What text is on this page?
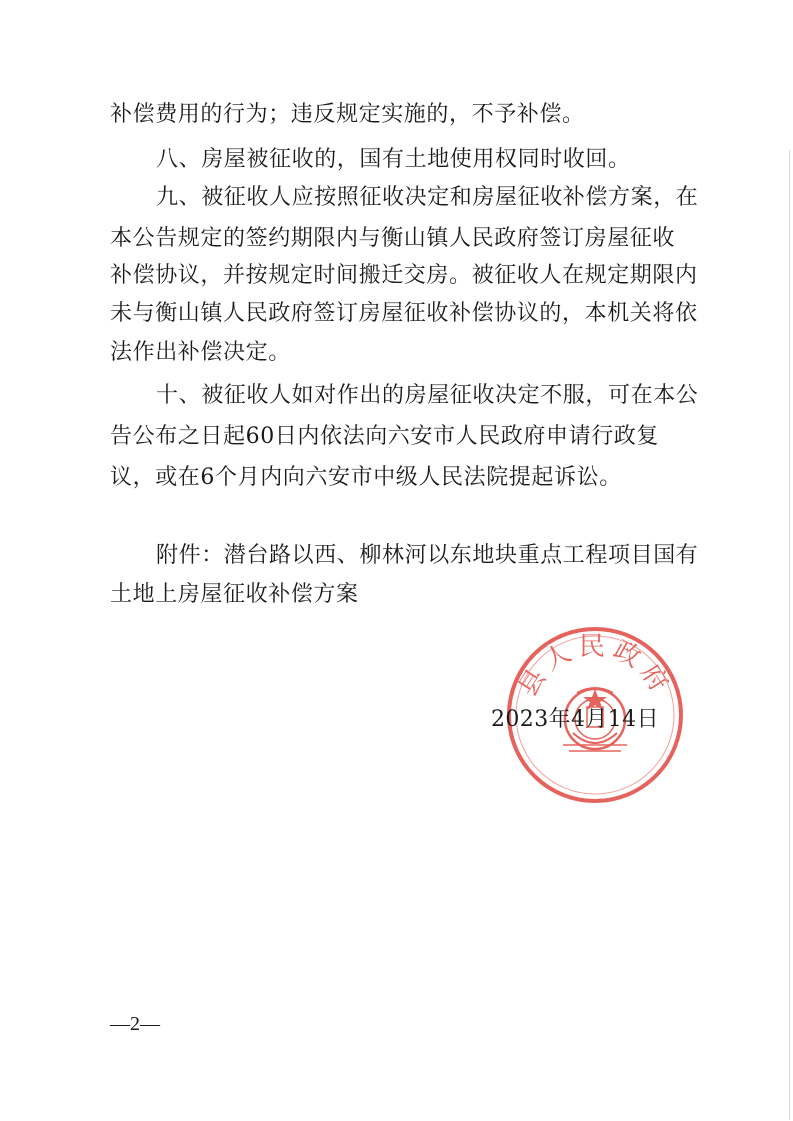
补偿费用的行为；违反规定实施的，不予补偿。
八、房屋被征收的，国有土地使用权同时收回。
九、被征收人应按照征收决定和房屋征收补偿方案，在
本公告规定的签约期限内与衡山镇人民政府签订房屋征收
补偿协议，并按规定时间搬迁交房。被征收人在规定期限内
未与衡山镇人民政府签订房屋征收补偿协议的，本机关将依
法作出补偿决定。
十、被征收人如对作出的房屋征收决定不服，可在本公
告公布之日起60日内依法向六安市人民政府申请行政复
议，或在6个月内向六安市中级人民法院提起诉讼。
附件：潜台路以西、柳林河以东地块重点工程项目国有
土地上房屋征收补偿方案
县人民政府
2023年4月14日
—2—
